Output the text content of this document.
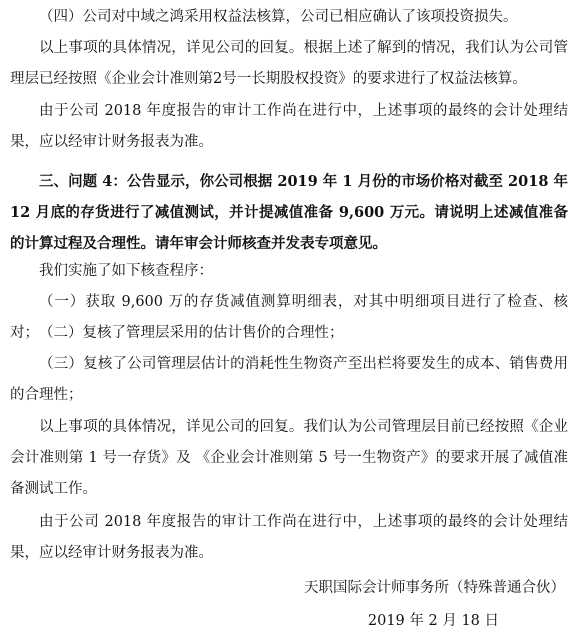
（四）公司对中域之鸿采用权益法核算，公司已相应确认了该项投资损失。

以上事项的具体情况，详见公司的回复。根据上述了解到的情况，我们认为公司管理层已经按照《企业会计准则第2号一长期股权投资》的要求进行了权益法核算。

由于公司 2018 年度报告的审计工作尚在进行中，上述事项的最终的会计处理结果，应以经审计财务报表为准。

三、问题 4：公告显示，你公司根据 2019 年 1 月份的市场价格对截至 2018 年 12 月底的存货进行了减值测试，并计提减值准备 9,600 万元。请说明上述减值准备的计算过程及合理性。请年审会计师核查并发表专项意见。

我们实施了如下核查程序：

（一）获取 9,600 万的存货减值测算明细表，对其中明细项目进行了检查、核对； （二）复核了管理层采用的估计售价的合理性；

（三）复核了公司管理层估计的消耗性生物资产至出栏将要发生的成本、销售费用的合理性；

以上事项的具体情况，详见公司的回复。我们认为公司管理层目前已经按照《企业会计准则第 1 号一存货》及 《企业会计准则第 5 号一生物资产》的要求开展了减值准备测试工作。

由于公司 2018 年度报告的审计工作尚在进行中，上述事项的最终的会计处理结果，应以经审计财务报表为准。

天职国际会计师事务所（特殊普通合伙）
2019 年 2 月 18 日
